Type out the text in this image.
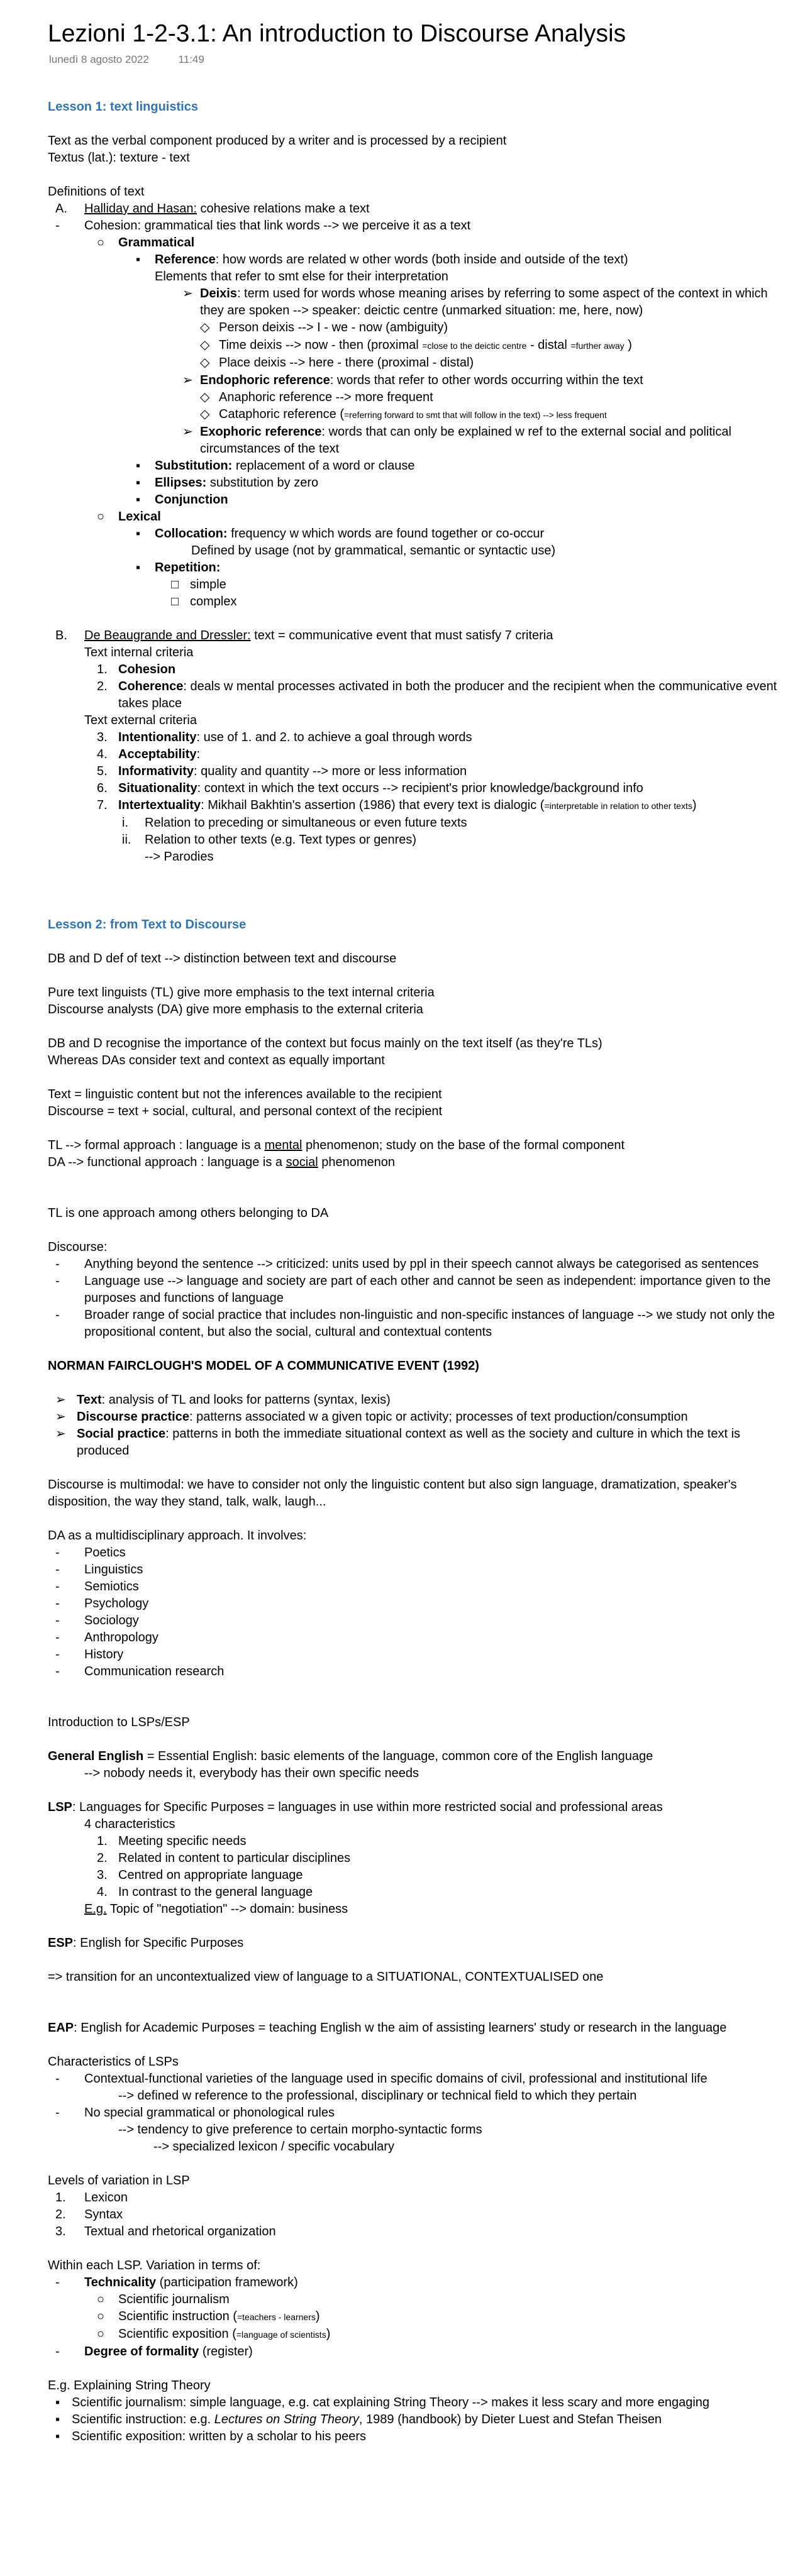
Lezioni 1-2-3.1: An introduction to Discourse Analysis
lunedì 8 agosto 2022	11:49

Lesson 1: text linguistics

Text as the verbal component produced by a writer and is processed by a recipient

Textus (lat.): texture - text

Definitions of text

A.	Halliday and Hasan: cohesive relations make a text
-	Cohesion: grammatical ties that link words --> we perceive it as a text
○	Grammatical
▪	Reference: how words are related w other words (both inside and outside of the text)

Elements that refer to smt else for their interpretation

➢ Deixis: term used for words whose meaning arises by referring to some aspect of the context in which they are spoken --> speaker: deictic centre (unmarked situation: me, here, now)
◇ Person deixis --> I - we - now (ambiguity)
◇ Time deixis --> now - then (proximal =close to the deictic centre - distal =further away )
◇ Place deixis --> here - there (proximal - distal)
➢ Endophoric reference: words that refer to other words occurring within the text
◇ Anaphoric reference --> more frequent
◇ Cataphoric reference (=referring forward to smt that will follow in the text) --> less frequent
➢ Exophoric reference: words that can only be explained w ref to the external social and political circumstances of the text
▪	Substitution: replacement of a word or clause
▪	Ellipses: substitution by zero
▪	Conjunction
○	Lexical
▪	Collocation: frequency w which words are found together or co-occur

Defined by usage (not by grammatical, semantic or syntactic use)

▪	Repetition:
□ simple
□ complex
B.	De Beaugrande and Dressler: text = communicative event that must satisfy 7 criteria

Text internal criteria

1. Cohesion
2. Coherence: deals w mental processes activated in both the producer and the recipient when the communicative event takes place

Text external criteria

3. Intentionality: use of 1. and 2. to achieve a goal through words
4. Acceptability:
5. Informativity: quality and quantity --> more or less information
6. Situationality: context in which the text occurs --> recipient's prior knowledge/background info
7. Intertextuality: Mikhail Bakhtin's assertion (1986) that every text is dialogic (=interpretable in relation to other texts)
i.	Relation to preceding or simultaneous or even future texts
ii.	Relation to other texts (e.g. Text types or genres)

--> Parodies

Lesson 2: from Text to Discourse

DB and D def of text --> distinction between text and discourse

Pure text linguists (TL) give more emphasis to the text internal criteria

Discourse analysts (DA) give more emphasis to the external criteria

DB and D recognise the importance of the context but focus mainly on the text itself (as they're TLs)

Whereas DAs consider text and context as equally important

Text = linguistic content but not the inferences available to the recipient

Discourse = text + social, cultural, and personal context of the recipient

TL --> formal approach : language is a mental phenomenon; study on the base of the formal component

DA --> functional approach : language is a social phenomenon

TL is one approach among others belonging to DA

Discourse:

-	Anything beyond the sentence --> criticized: units used by ppl in their speech cannot always be categorised as sentences
-	Language use --> language and society are part of each other and cannot be seen as independent: importance given to the purposes and functions of language
-	Broader range of social practice that includes non-linguistic and non-specific instances of language --> we study not only the propositional content, but also the social, cultural and contextual contents

NORMAN FAIRCLOUGH'S MODEL OF A COMMUNICATIVE EVENT (1992)

➢ Text: analysis of TL and looks for patterns (syntax, lexis)
➢ Discourse practice: patterns associated w a given topic or activity; processes of text production/consumption
➢ Social practice: patterns in both the immediate situational context as well as the society and culture in which the text is produced

Discourse is multimodal: we have to consider not only the linguistic content but also sign language, dramatization, speaker's disposition, the way they stand, talk, walk, laugh...

DA as a multidisciplinary approach. It involves:

-	Poetics
-	Linguistics
-	Semiotics
-	Psychology
-	Sociology
-	Anthropology
-	History
-	Communication research

Introduction to LSPs/ESP

General English = Essential English: basic elements of the language, common core of the English language

--> nobody needs it, everybody has their own specific needs

LSP: Languages for Specific Purposes = languages in use within more restricted social and professional areas

4 characteristics

1. Meeting specific needs
2. Related in content to particular disciplines
3. Centred on appropriate language
4. In contrast to the general language

E.g. Topic of "negotiation" --> domain: business

ESP: English for Specific Purposes

=> transition for an uncontextualized view of language to a SITUATIONAL, CONTEXTUALISED one

EAP: English for Academic Purposes = teaching English w the aim of assisting learners' study or research in the language

Characteristics of LSPs

-	Contextual-functional varieties of the language used in specific domains of civil, professional and institutional life

--> defined w reference to the professional, disciplinary or technical field to which they pertain

-	No special grammatical or phonological rules

--> tendency to give preference to certain morpho-syntactic forms

--> specialized lexicon / specific vocabulary

Levels of variation in LSP

1.	Lexicon
2.	Syntax
3.	Textual and rhetorical organization

Within each LSP. Variation in terms of:

-	Technicality (participation framework)
○	Scientific journalism
○	Scientific instruction (=teachers - learners)
○	Scientific exposition (=language of scientists)
-	Degree of formality (register)

E.g. Explaining String Theory

▪ Scientific journalism: simple language, e.g. cat explaining String Theory --> makes it less scary and more engaging
▪ Scientific instruction: e.g. Lectures on String Theory, 1989 (handbook) by Dieter Luest and Stefan Theisen
▪ Scientific exposition: written by a scholar to his peers
